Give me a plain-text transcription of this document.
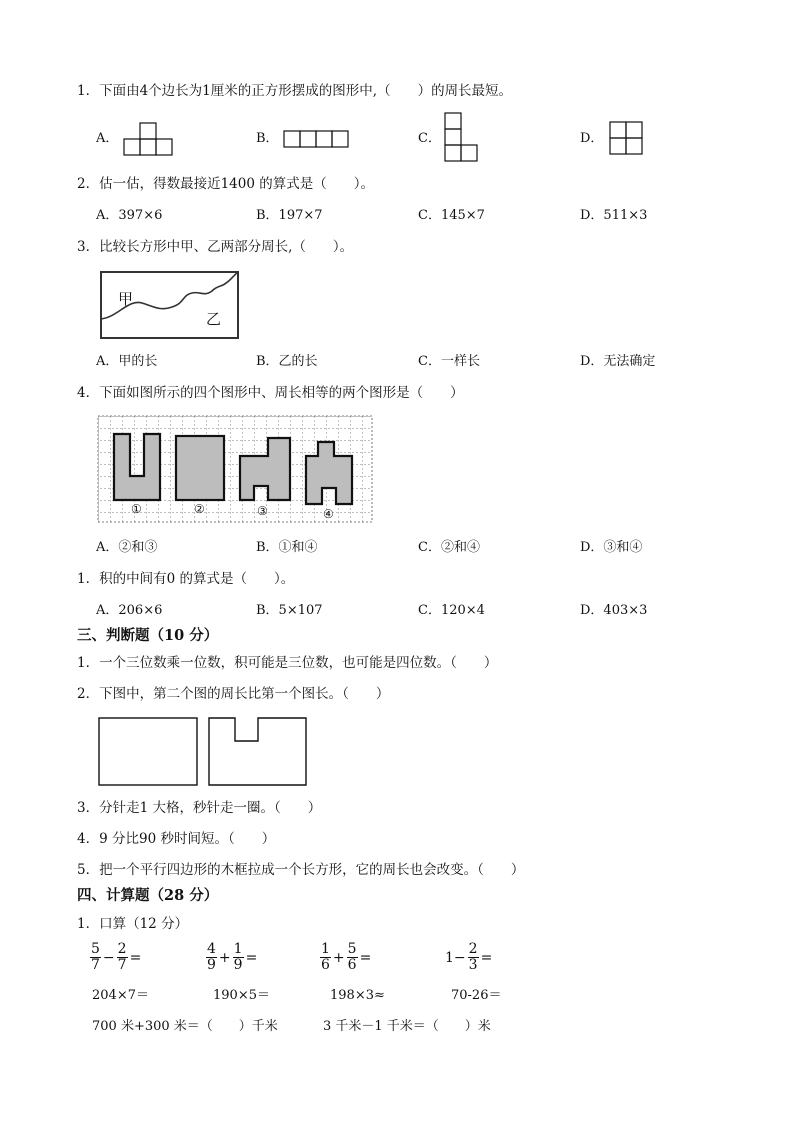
1．下面由4个边长为1厘米的正方形摆成的图形中,（　　）的周长最短。
A．	B．	C．	D．
2．估一估，得数最接近1400 的算式是（　　）。
A．397×6	B．197×7	C．145×7	D．511×3
3．比较长方形中甲、乙两部分周长,（　　）。
甲
乙
A．甲的长	B．乙的长	C．一样长	D．无法确定
4．下面如图所示的四个图形中、周长相等的两个图形是（　　）
①	②	③	④
A．②和③	B．①和④	C．②和④	D．③和④
1．积的中间有0 的算式是（　　）。
A．206×6	B．5×107	C．120×4	D．403×3
三、判断题（10 分）
1．一个三位数乘一位数，积可能是三位数，也可能是四位数。（　　）
2．下图中，第二个图的周长比第一个图长。（　　）
3．分针走1 大格，秒针走一圈。（　　）
4．9 分比90 秒时间短。（　　）
5．把一个平行四边形的木框拉成一个长方形，它的周长也会改变。（　　）
四、计算题（28 分）
1．口算（12 分）
$\frac{5}{7} - \frac{2}{7}$ =	$\frac{4}{9} + \frac{1}{9}$ =	$\frac{1}{6} + \frac{5}{6}$ =	$1- \frac{2}{3}$ =
204×7＝	190×5＝	198×3≈	70-26＝
700 米+300 米＝（　　）千米	3 千米－1 千米＝（　　）米
